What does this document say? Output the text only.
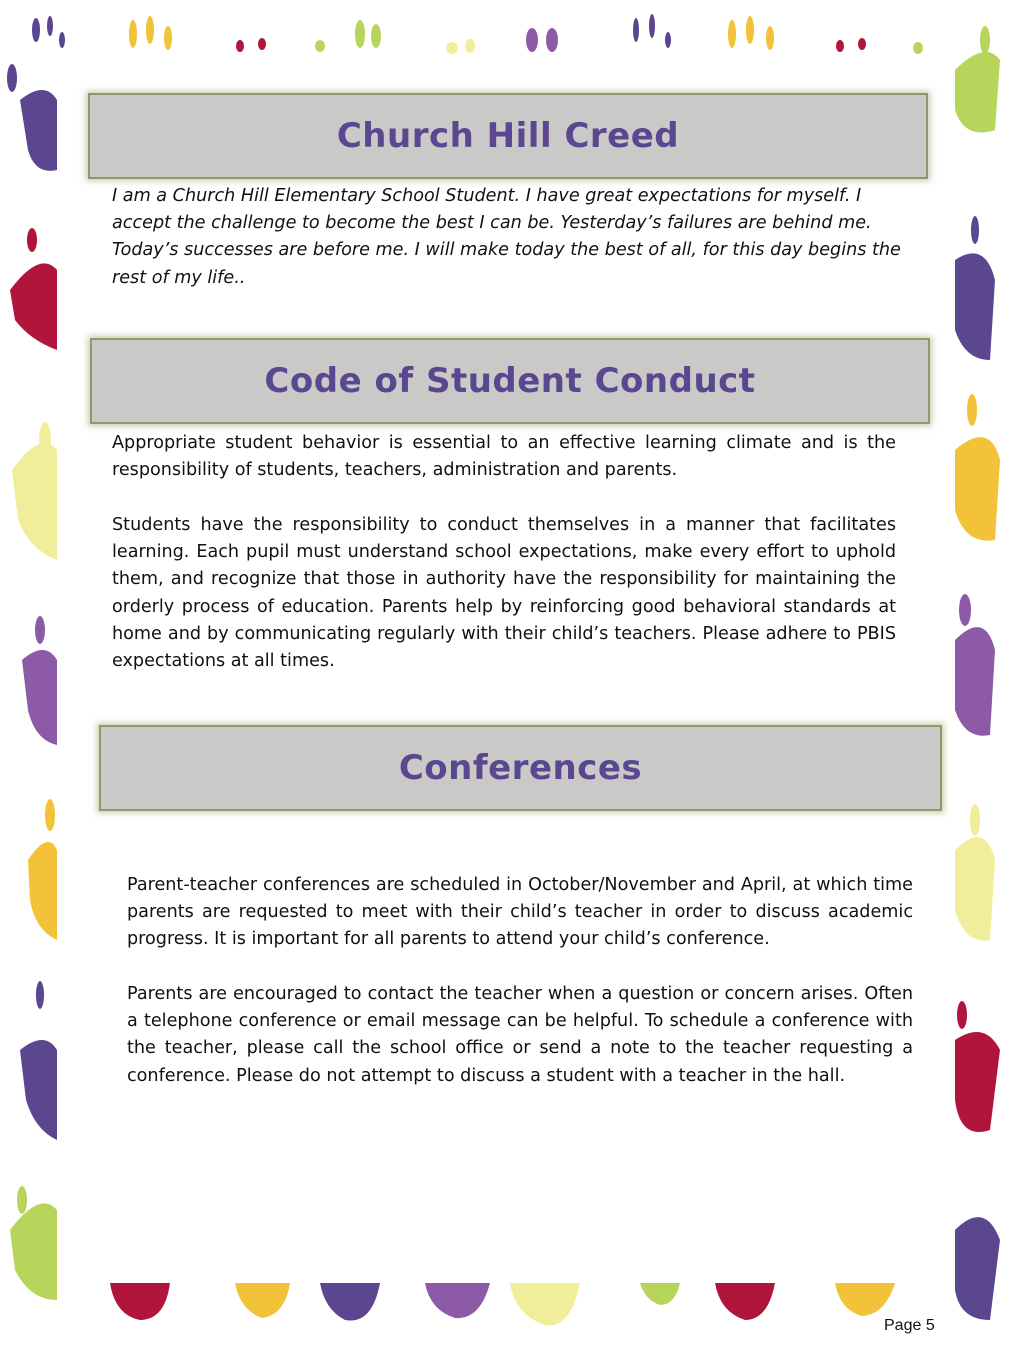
Church Hill Creed

I am a Church Hill Elementary School Student. I have great expectations for myself. I accept the challenge to become the best I can be. Yesterday’s failures are behind me. Today’s successes are before me. I will make today the best of all, for this day begins the rest of my life..

Code of Student Conduct

Appropriate student behavior is essential to an effective learning climate and is the responsibility of students, teachers, administration and parents.

Students have the responsibility to conduct themselves in a manner that facilitates learning. Each pupil must understand school expectations, make every effort to uphold them, and recognize that those in authority have the responsibility for maintaining the orderly process of education. Parents help by reinforcing good behavioral standards at home and by communicating regularly with their child’s teachers. Please adhere to PBIS expectations at all times.

Conferences

Parent-teacher conferences are scheduled in October/November and April, at which time parents are requested to meet with their child’s teacher in order to discuss academic progress. It is important for all parents to attend your child’s conference.

Parents are encouraged to contact the teacher when a question or concern arises. Often a telephone conference or email message can be helpful. To schedule a conference with the teacher, please call the school office or send a note to the teacher requesting a conference. Please do not attempt to discuss a student with a teacher in the hall.

Page 5
